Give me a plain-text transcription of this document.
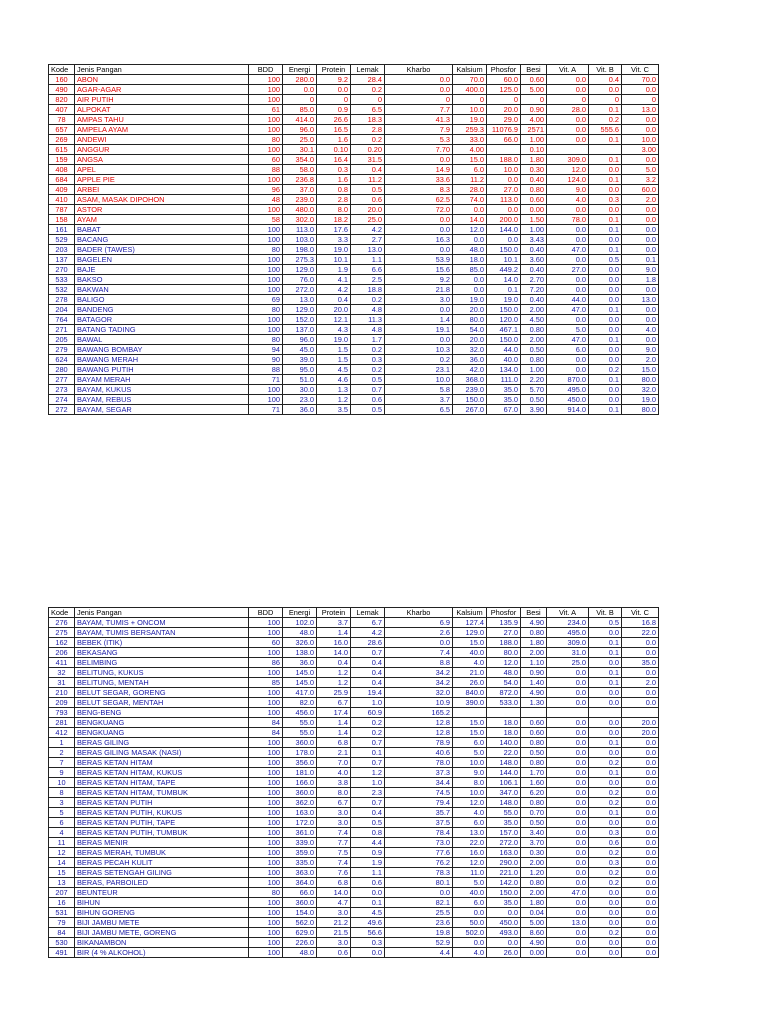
Kode	Jenis Pangan	BDD	Energi	Protein	Lemak	Kharbo	Kalsium	Phosfor	Besi	Vit. A	Vit. B	Vit. C
160	ABON	100	280.0	9.2	28.4	0.0	70.0	60.0	0.60	0.0	0.4	70.0
490	AGAR-AGAR	100	0.0	0.0	0.2	0.0	400.0	125.0	5.00	0.0	0.0	0.0
820	AIR PUTIH	100	0	0	0	0	0	0	0	0	0	0
407	ALPOKAT	61	85.0	0.9	6.5	7.7	10.0	20.0	0.90	28.0	0.1	13.0
78	AMPAS TAHU	100	414.0	26.6	18.3	41.3	19.0	29.0	4.00	0.0	0.2	0.0
657	AMPELA AYAM	100	96.0	16.5	2.8	7.9	259.3	11076.9	2571	0.0	555.6	0.0
269	ANDEWI	80	25.0	1.6	0.2	5.3	33.0	66.0	1.00	0.0	0.1	10.0
615	ANGGUR	100	30.1	0.10	0.20	7.70	4.00		0.10			3.00
159	ANGSA	60	354.0	16.4	31.5	0.0	15.0	188.0	1.80	309.0	0.1	0.0
408	APEL	88	58.0	0.3	0.4	14.9	6.0	10.0	0.30	12.0	0.0	5.0
684	APPLE PIE	100	236.8	1.6	11.2	33.6	11.2	0.0	0.40	124.0	0.1	3.2
409	ARBEI	96	37.0	0.8	0.5	8.3	28.0	27.0	0.80	9.0	0.0	60.0
410	ASAM, MASAK DIPOHON	48	239.0	2.8	0.6	62.5	74.0	113.0	0.60	4.0	0.3	2.0
787	ASTOR	100	480.0	8.0	20.0	72.0	0.0	0.0	0.00	0.0	0.0	0.0
158	AYAM	58	302.0	18.2	25.0	0.0	14.0	200.0	1.50	78.0	0.1	0.0
161	BABAT	100	113.0	17.6	4.2	0.0	12.0	144.0	1.00	0.0	0.1	0.0
529	BACANG	100	103.0	3.3	2.7	16.3	0.0	0.0	3.43	0.0	0.0	0.0
203	BADER (TAWES)	80	198.0	19.0	13.0	0.0	48.0	150.0	0.40	47.0	0.1	0.0
137	BAGELEN	100	275.3	10.1	1.1	53.9	18.0	10.1	3.60	0.0	0.5	0.1
270	BAJE	100	129.0	1.9	6.6	15.6	85.0	449.2	0.40	27.0	0.0	9.0
533	BAKSO	100	76.0	4.1	2.5	9.2	0.0	14.0	2.70	0.0	0.0	1.8
532	BAKWAN	100	272.0	4.2	18.8	21.8	0.0	0.1	7.20	0.0	0.0	0.0
278	BALIGO	69	13.0	0.4	0.2	3.0	19.0	19.0	0.40	44.0	0.0	13.0
204	BANDENG	80	129.0	20.0	4.8	0.0	20.0	150.0	2.00	47.0	0.1	0.0
764	BATAGOR	100	152.0	12.1	11.3	1.4	80.0	120.0	4.50	0.0	0.0	0.0
271	BATANG TADING	100	137.0	4.3	4.8	19.1	54.0	467.1	0.80	5.0	0.0	4.0
205	BAWAL	80	96.0	19.0	1.7	0.0	20.0	150.0	2.00	47.0	0.1	0.0
279	BAWANG BOMBAY	94	45.0	1.5	0.2	10.3	32.0	44.0	0.50	6.0	0.0	9.0
624	BAWANG MERAH	90	39.0	1.5	0.3	0.2	36.0	40.0	0.80	0.0	0.0	2.0
280	BAWANG PUTIH	88	95.0	4.5	0.2	23.1	42.0	134.0	1.00	0.0	0.2	15.0
277	BAYAM MERAH	71	51.0	4.6	0.5	10.0	368.0	111.0	2.20	870.0	0.1	80.0
273	BAYAM, KUKUS	100	30.0	1.3	0.7	5.8	239.0	35.0	5.70	495.0	0.0	32.0
274	BAYAM, REBUS	100	23.0	1.2	0.6	3.7	150.0	35.0	0.50	450.0	0.0	19.0
272	BAYAM, SEGAR	71	36.0	3.5	0.5	6.5	267.0	67.0	3.90	914.0	0.1	80.0
Kode	Jenis Pangan	BDD	Energi	Protein	Lemak	Kharbo	Kalsium	Phosfor	Besi	Vit. A	Vit. B	Vit. C
276	BAYAM, TUMIS + ONCOM	100	102.0	3.7	6.7	6.9	127.4	135.9	4.90	234.0	0.5	16.8
275	BAYAM, TUMIS BERSANTAN	100	48.0	1.4	4.2	2.6	129.0	27.0	0.80	495.0	0.0	22.0
162	BEBEK (ITIK)	60	326.0	16.0	28.6	0.0	15.0	188.0	1.80	309.0	0.1	0.0
206	BEKASANG	100	138.0	14.0	0.7	7.4	40.0	80.0	2.00	31.0	0.1	0.0
411	BELIMBING	86	36.0	0.4	0.4	8.8	4.0	12.0	1.10	25.0	0.0	35.0
32	BELITUNG, KUKUS	100	145.0	1.2	0.4	34.2	21.0	48.0	0.90	0.0	0.1	0.0
31	BELITUNG, MENTAH	85	145.0	1.2	0.4	34.2	26.0	54.0	1.40	0.0	0.1	2.0
210	BELUT SEGAR, GORENG	100	417.0	25.9	19.4	32.0	840.0	872.0	4.90	0.0	0.0	0.0
209	BELUT SEGAR, MENTAH	100	82.0	6.7	1.0	10.9	390.0	533.0	1.30	0.0	0.0	0.0
793	BENG-BENG	100	456.0	17.4	60.9	165.2						
281	BENGKUANG	84	55.0	1.4	0.2	12.8	15.0	18.0	0.60	0.0	0.0	20.0
412	BENGKUANG	84	55.0	1.4	0.2	12.8	15.0	18.0	0.60	0.0	0.0	20.0
1	BERAS GILING	100	360.0	6.8	0.7	78.9	6.0	140.0	0.80	0.0	0.1	0.0
2	BERAS GILING MASAK (NASI)	100	178.0	2.1	0.1	40.6	5.0	22.0	0.50	0.0	0.0	0.0
7	BERAS KETAN HITAM	100	356.0	7.0	0.7	78.0	10.0	148.0	0.80	0.0	0.2	0.0
9	BERAS KETAN HITAM, KUKUS	100	181.0	4.0	1.2	37.3	9.0	144.0	1.70	0.0	0.1	0.0
10	BERAS KETAN HITAM, TAPE	100	166.0	3.8	1.0	34.4	8.0	106.1	1.60	0.0	0.0	0.0
8	BERAS KETAN HITAM, TUMBUK	100	360.0	8.0	2.3	74.5	10.0	347.0	6.20	0.0	0.2	0.0
3	BERAS KETAN PUTIH	100	362.0	6.7	0.7	79.4	12.0	148.0	0.80	0.0	0.2	0.0
5	BERAS KETAN PUTIH, KUKUS	100	163.0	3.0	0.4	35.7	4.0	55.0	0.70	0.0	0.1	0.0
6	BERAS KETAN PUTIH, TAPE	100	172.0	3.0	0.5	37.5	6.0	35.0	0.50	0.0	0.0	0.0
4	BERAS KETAN PUTIH, TUMBUK	100	361.0	7.4	0.8	78.4	13.0	157.0	3.40	0.0	0.3	0.0
11	BERAS MENIR	100	339.0	7.7	4.4	73.0	22.0	272.0	3.70	0.0	0.6	0.0
12	BERAS MERAH, TUMBUK	100	359.0	7.5	0.9	77.6	16.0	163.0	0.30	0.0	0.2	0.0
14	BERAS PECAH KULIT	100	335.0	7.4	1.9	76.2	12.0	290.0	2.00	0.0	0.3	0.0
15	BERAS SETENGAH GILING	100	363.0	7.6	1.1	78.3	11.0	221.0	1.20	0.0	0.2	0.0
13	BERAS, PARBOILED	100	364.0	6.8	0.6	80.1	5.0	142.0	0.80	0.0	0.2	0.0
207	BEUNTEUR	80	66.0	14.0	0.0	0.0	40.0	150.0	2.00	47.0	0.0	0.0
16	BIHUN	100	360.0	4.7	0.1	82.1	6.0	35.0	1.80	0.0	0.0	0.0
531	BIHUN GORENG	100	154.0	3.0	4.5	25.5	0.0	0.0	0.04	0.0	0.0	0.0
79	BIJI JAMBU METE	100	562.0	21.2	49.6	23.6	50.0	450.0	5.00	13.0	0.0	0.0
84	BIJI JAMBU METE, GORENG	100	629.0	21.5	56.6	19.8	502.0	493.0	8.60	0.0	0.2	0.0
530	BIKANAMBON	100	226.0	3.0	0.3	52.9	0.0	0.0	4.90	0.0	0.0	0.0
491	BIR (4 % ALKOHOL)	100	48.0	0.6	0.0	4.4	4.0	26.0	0.00	0.0	0.0	0.0
